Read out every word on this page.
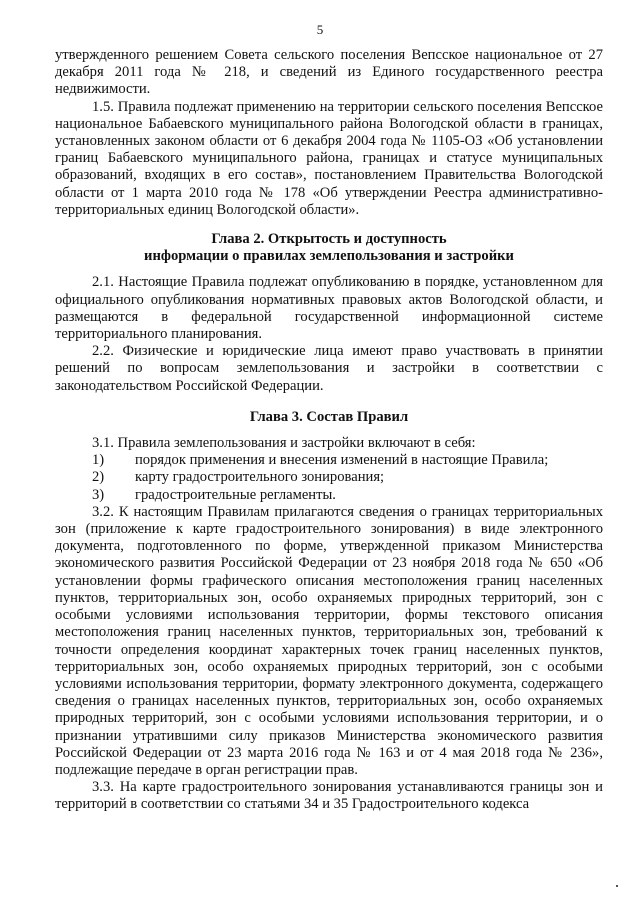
5

утвержденного решением Совета сельского поселения Вепсское национальное от 27 декабря 2011 года № 218, и сведений из Единого государственного реестра недвижимости.

1.5. Правила подлежат применению на территории сельского поселения Вепсское национальное Бабаевского муниципального района Вологодской области в границах, установленных законом области от 6 декабря 2004 года № 1105-ОЗ «Об установлении границ Бабаевского муниципального района, границах и статусе муниципальных образований, входящих в его состав», постановлением Правительства Вологодской области от 1 марта 2010 года № 178 «Об утверждении Реестра административно-территориальных единиц Вологодской области».

Глава 2. Открытость и доступность

информации о правилах землепользования и застройки

2.1. Настоящие Правила подлежат опубликованию в порядке, установленном для официального опубликования нормативных правовых актов Вологодской области, и размещаются в федеральной государственной информационной системе территориального планирования.

2.2. Физические и юридические лица имеют право участвовать в принятии решений по вопросам землепользования и застройки в соответствии с законодательством Российской Федерации.

Глава 3. Состав Правил

3.1. Правила землепользования и застройки включают в себя:

1)	порядок применения и внесения изменений в настоящие Правила;
2)	карту градостроительного зонирования;
3)	градостроительные регламенты.

3.2. К настоящим Правилам прилагаются сведения о границах территориальных зон (приложение к карте градостроительного зонирования) в виде электронного документа, подготовленного по форме, утвержденной приказом Министерства экономического развития Российской Федерации от 23 ноября 2018 года № 650 «Об установлении формы графического описания местоположения границ населенных пунктов, территориальных зон, особо охраняемых природных территорий, зон с особыми условиями использования территории, формы текстового описания местоположения границ населенных пунктов, территориальных зон, требований к точности определения координат характерных точек границ населенных пунктов, территориальных зон, особо охраняемых природных территорий, зон с особыми условиями использования территории, формату электронного документа, содержащего сведения о границах населенных пунктов, территориальных зон, особо охраняемых природных территорий, зон с особыми условиями использования территории, и о признании утратившими силу приказов Министерства экономического развития Российской Федерации от 23 марта 2016 года № 163 и от 4 мая 2018 года № 236», подлежащие передаче в орган регистрации прав.

3.3. На карте градостроительного зонирования устанавливаются границы зон и территорий в соответствии со статьями 34 и 35 Градостроительного кодекса
